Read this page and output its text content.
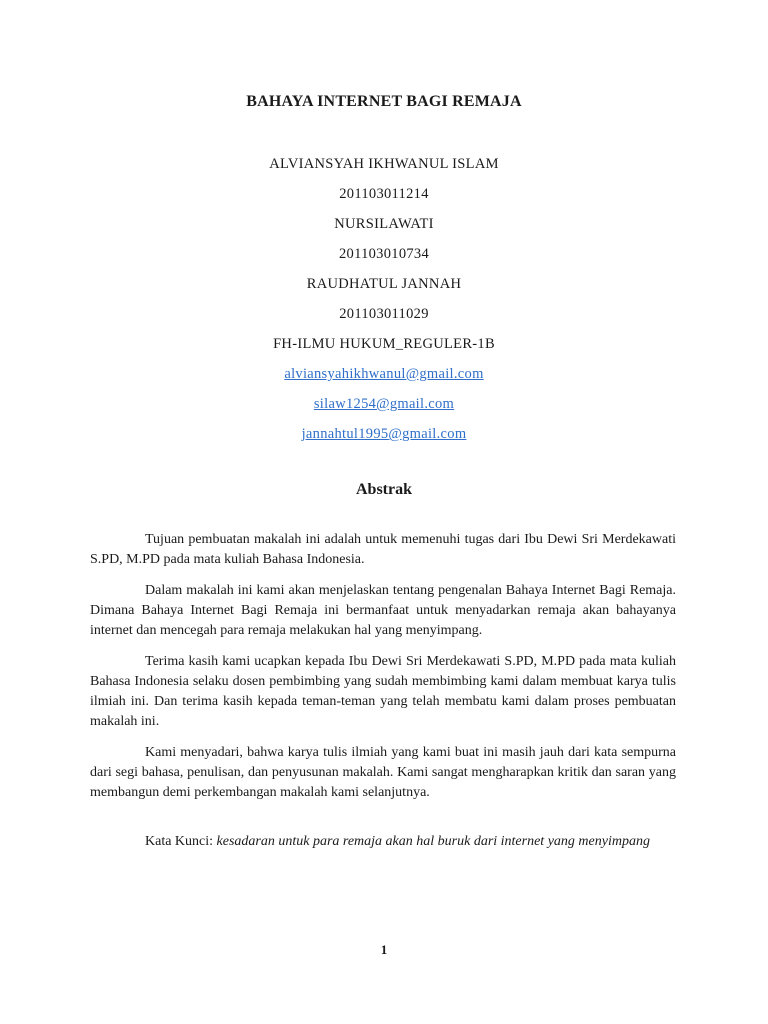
BAHAYA INTERNET BAGI REMAJA
ALVIANSYAH IKHWANUL ISLAM
201103011214
NURSILAWATI
201103010734
RAUDHATUL JANNAH
201103011029
FH-ILMU HUKUM_REGULER-1B
alviansyahikhwanul@gmail.com
silaw1254@gmail.com
jannahtul1995@gmail.com
Abstrak

Tujuan pembuatan makalah ini adalah untuk memenuhi tugas dari Ibu Dewi Sri Merdekawati S.PD, M.PD pada mata kuliah Bahasa Indonesia.

Dalam makalah ini kami akan menjelaskan tentang pengenalan Bahaya Internet Bagi Remaja. Dimana Bahaya Internet Bagi Remaja ini bermanfaat untuk menyadarkan remaja akan bahayanya internet dan mencegah para remaja melakukan hal yang menyimpang.

Terima kasih kami ucapkan kepada Ibu Dewi Sri Merdekawati S.PD, M.PD pada mata kuliah Bahasa Indonesia selaku dosen pembimbing yang sudah membimbing kami dalam membuat karya tulis ilmiah ini. Dan terima kasih kepada teman-teman yang telah membatu kami dalam proses pembuatan makalah ini.

Kami menyadari, bahwa karya tulis ilmiah yang kami buat ini masih jauh dari kata sempurna dari segi bahasa, penulisan, dan penyusunan makalah. Kami sangat mengharapkan kritik dan saran yang membangun demi perkembangan makalah kami selanjutnya.

Kata Kunci: kesadaran untuk para remaja akan hal buruk dari internet yang menyimpang

1
